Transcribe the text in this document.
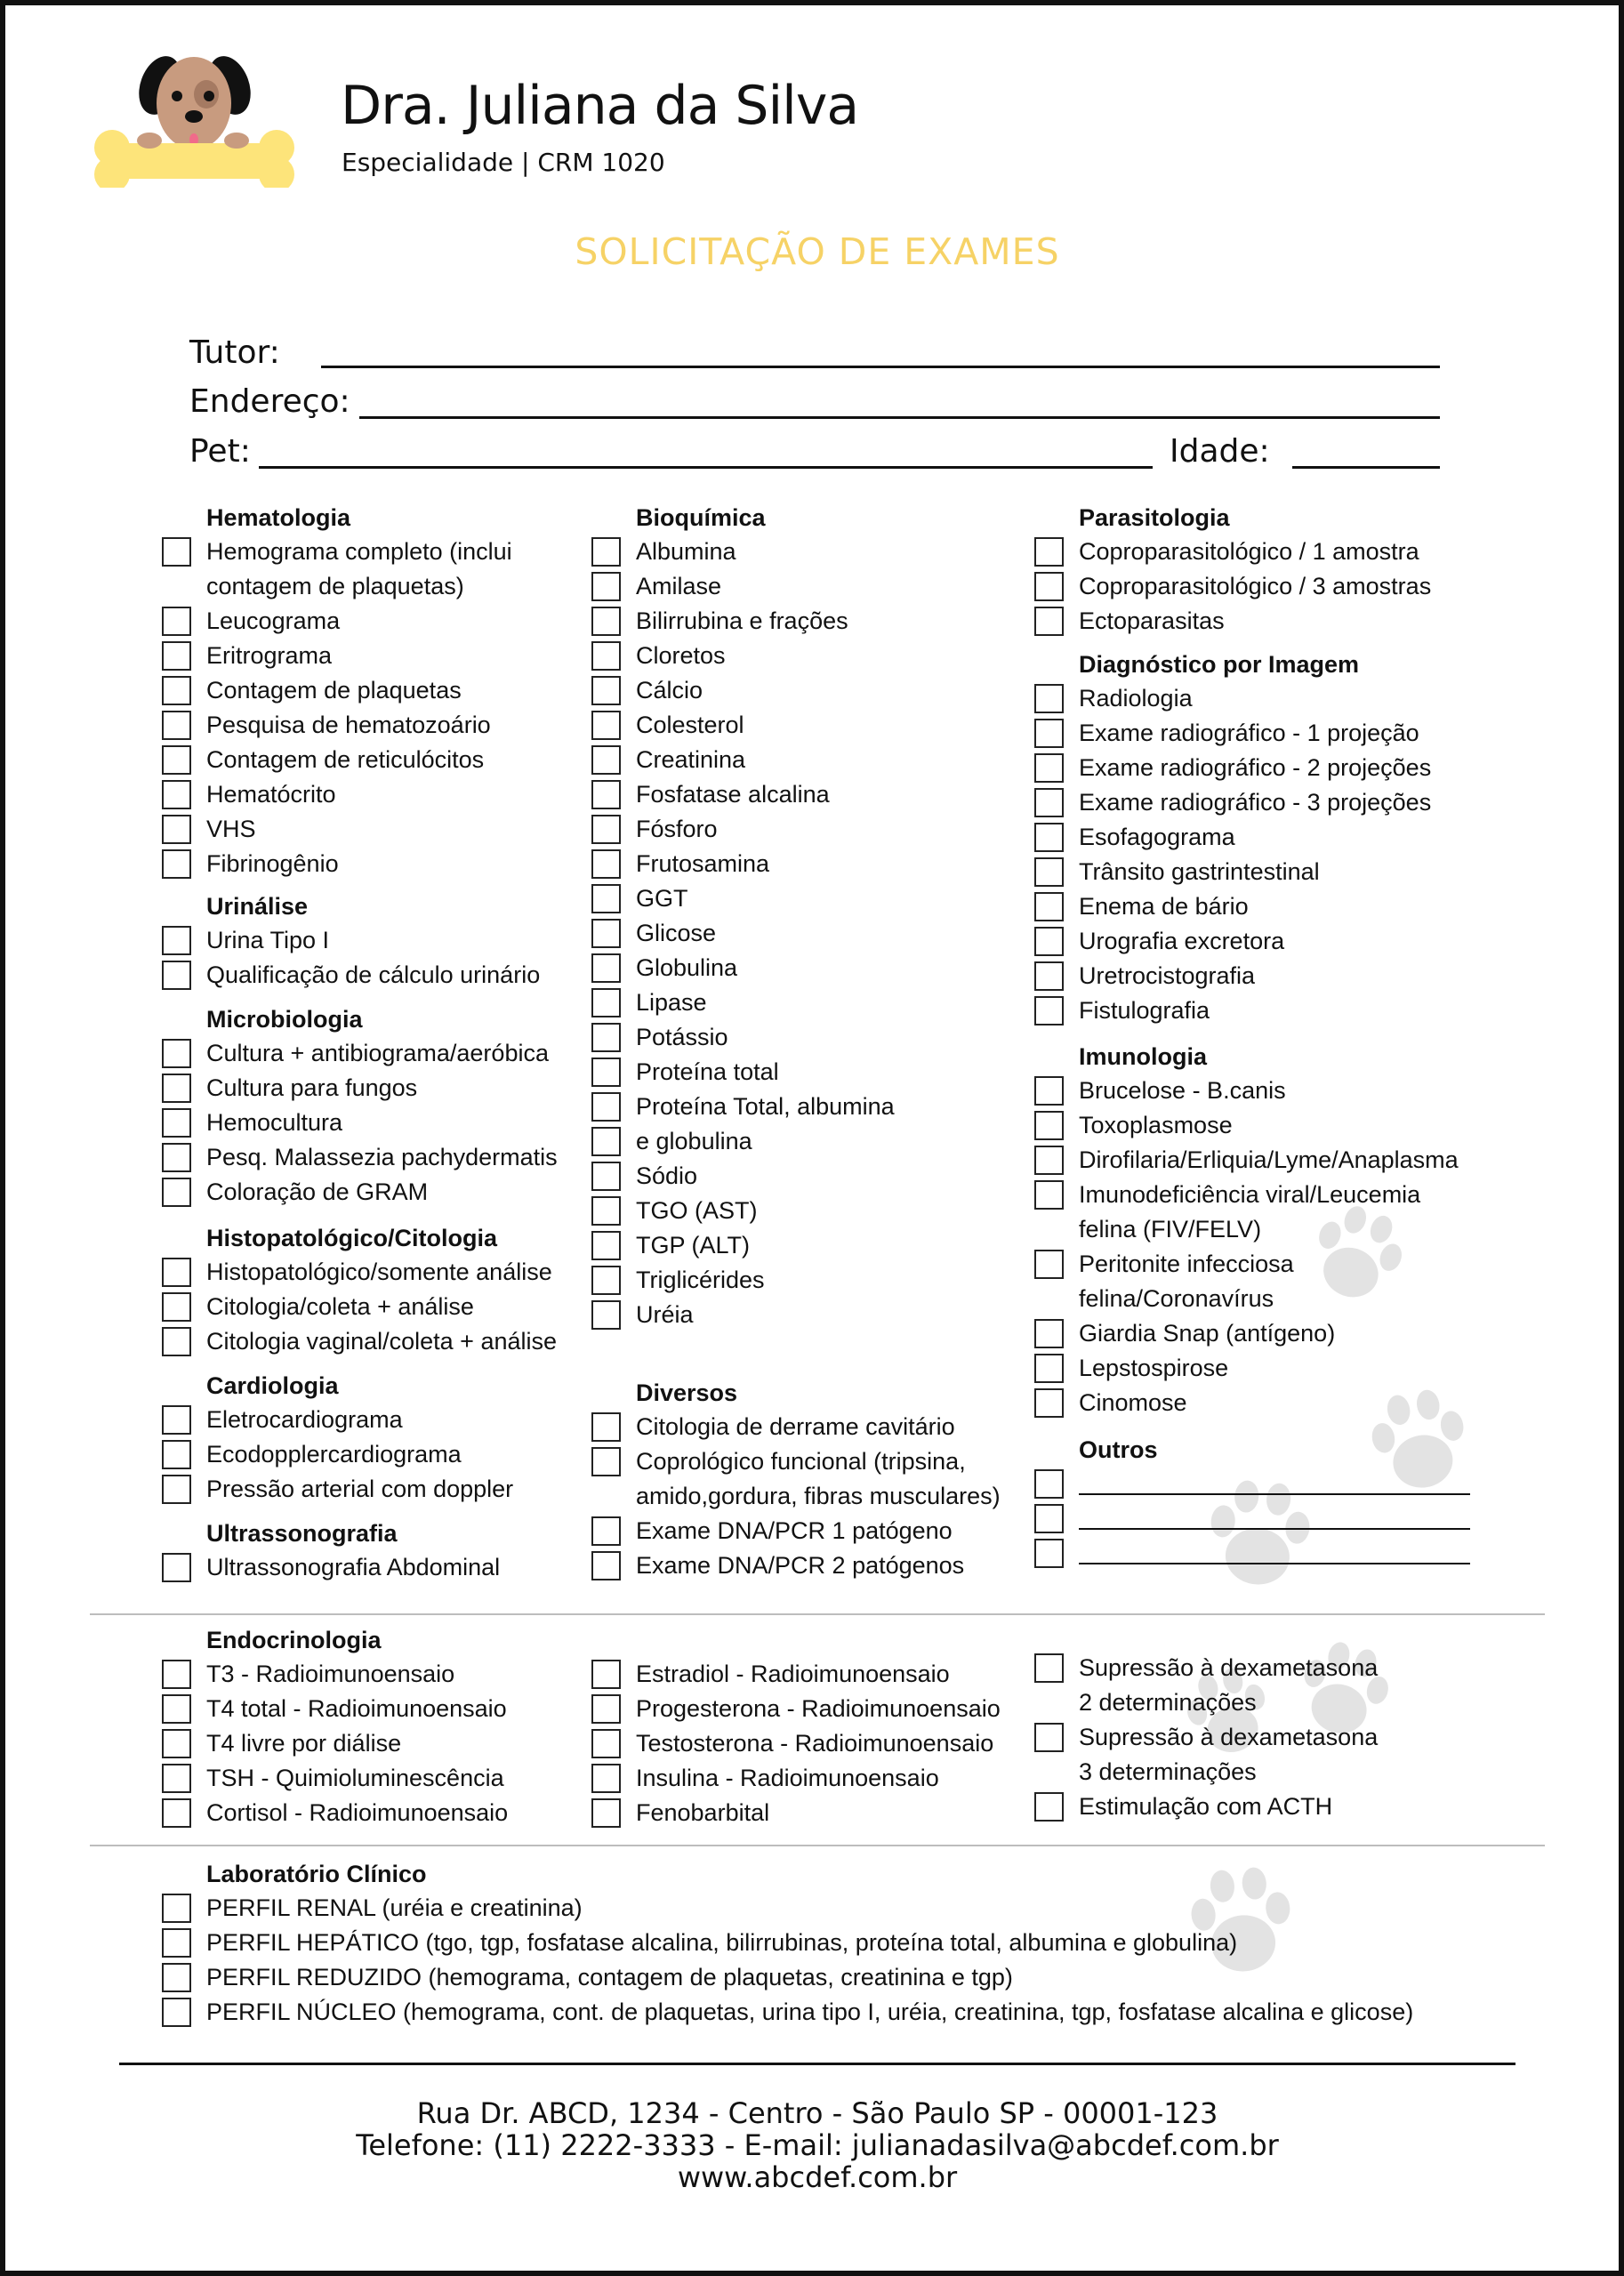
Dra. Juliana da Silva
Especialidade | CRM 1020
SOLICITAÇÃO DE EXAMES
Tutor:
Endereço:
Pet:	Idade:
Hematologia
Hemograma completo (inclui
contagem de plaquetas)
Leucograma
Eritrograma
Contagem de plaquetas
Pesquisa de hematozoário
Contagem de reticulócitos
Hematócrito
VHS
Fibrinogênio
Urinálise
Urina Tipo I
Qualificação de cálculo urinário
Microbiologia
Cultura + antibiograma/aeróbica
Cultura para fungos
Hemocultura
Pesq. Malassezia pachydermatis
Coloração de GRAM
Histopatológico/Citologia
Histopatológico/somente análise
Citologia/coleta + análise
Citologia vaginal/coleta + análise
Cardiologia
Eletrocardiograma
Ecodopplercardiograma
Pressão arterial com doppler
Ultrassonografia
Ultrassonografia Abdominal
Bioquímica
Albumina
Amilase
Bilirrubina e frações
Cloretos
Cálcio
Colesterol
Creatinina
Fosfatase alcalina
Fósforo
Frutosamina
GGT
Glicose
Globulina
Lipase
Potássio
Proteína total
Proteína Total, albumina
e globulina
Sódio
TGO (AST)
TGP (ALT)
Triglicérides
Uréia
Diversos
Citologia de derrame cavitário
Coprológico funcional (tripsina,
amido,gordura, fibras musculares)
Exame DNA/PCR 1 patógeno
Exame DNA/PCR 2 patógenos
Parasitologia
Coproparasitológico / 1 amostra
Coproparasitológico / 3 amostras
Ectoparasitas
Diagnóstico por Imagem
Radiologia
Exame radiográfico - 1 projeção
Exame radiográfico - 2 projeções
Exame radiográfico - 3 projeções
Esofagograma
Trânsito gastrintestinal
Enema de bário
Urografia excretora
Uretrocistografia
Fistulografia
Imunologia
Brucelose - B.canis
Toxoplasmose
Dirofilaria/Erliquia/Lyme/Anaplasma
Imunodeficiência viral/Leucemia
felina (FIV/FELV)
Peritonite infecciosa
felina/Coronavírus
Giardia Snap (antígeno)
Lepstospirose
Cinomose
Outros
Endocrinologia
T3 - Radioimunoensaio
T4 total - Radioimunoensaio
T4 livre por diálise
TSH - Quimioluminescência
Cortisol - Radioimunoensaio
Estradiol - Radioimunoensaio
Progesterona - Radioimunoensaio
Testosterona - Radioimunoensaio
Insulina - Radioimunoensaio
Fenobarbital
Supressão à dexametasona
2 determinações
Supressão à dexametasona
3 determinações
Estimulação com ACTH
Laboratório Clínico
PERFIL RENAL (uréia e creatinina)
PERFIL HEPÁTICO (tgo, tgp, fosfatase alcalina, bilirrubinas, proteína total, albumina e globulina)
PERFIL REDUZIDO (hemograma, contagem de plaquetas, creatinina e tgp)
PERFIL NÚCLEO (hemograma, cont. de plaquetas, urina tipo I, uréia, creatinina, tgp, fosfatase alcalina e glicose)
Rua Dr. ABCD, 1234 - Centro - São Paulo SP - 00001-123
Telefone: (11) 2222-3333 - E-mail: julianadasilva@abcdef.com.br
www.abcdef.com.br
